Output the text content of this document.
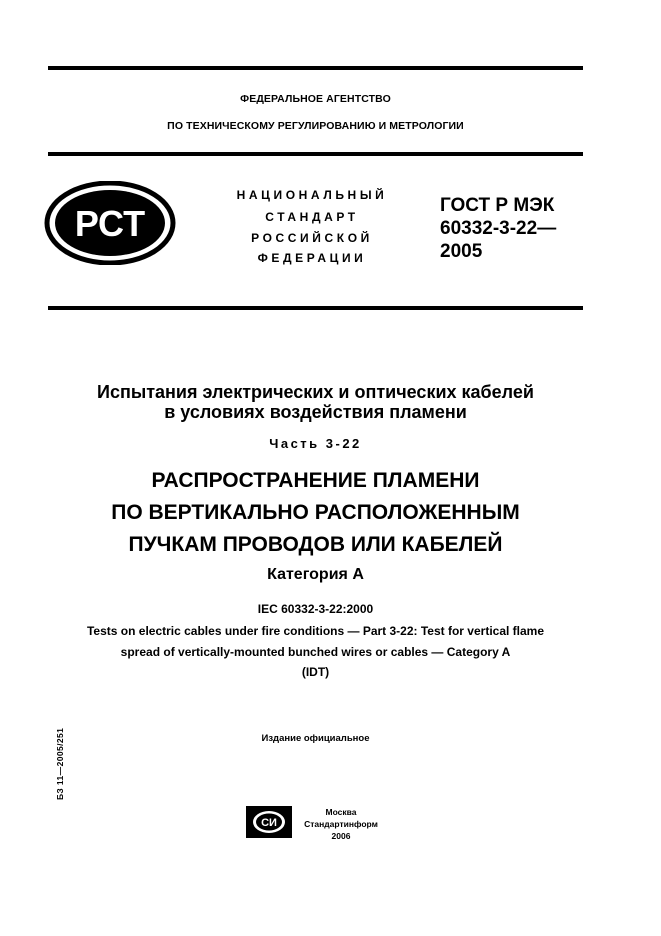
ФЕДЕРАЛЬНОЕ АГЕНТСТВО
ПО ТЕХНИЧЕСКОМУ РЕГУЛИРОВАНИЮ И МЕТРОЛОГИИ
РСТ
НАЦИОНАЛЬНЫЙ
СТАНДАРТ
РОССИЙСКОЙ
ФЕДЕРАЦИИ
ГОСТ Р МЭК
60332-3-22—
2005
Испытания электрических и оптических кабелей
в условиях воздействия пламени
Часть 3-22
РАСПРОСТРАНЕНИЕ ПЛАМЕНИ
ПО ВЕРТИКАЛЬНО РАСПОЛОЖЕННЫМ
ПУЧКАМ ПРОВОДОВ ИЛИ КАБЕЛЕЙ
Категория А
IEC 60332-3-22:2000
Tests on electric cables under fire conditions — Part 3-22: Test for vertical flame
spread of vertically-mounted bunched wires or cables — Category A
(IDT)
Издание официальное
БЗ 11—2005/251
СИ
Москва
Стандартинформ
2006
